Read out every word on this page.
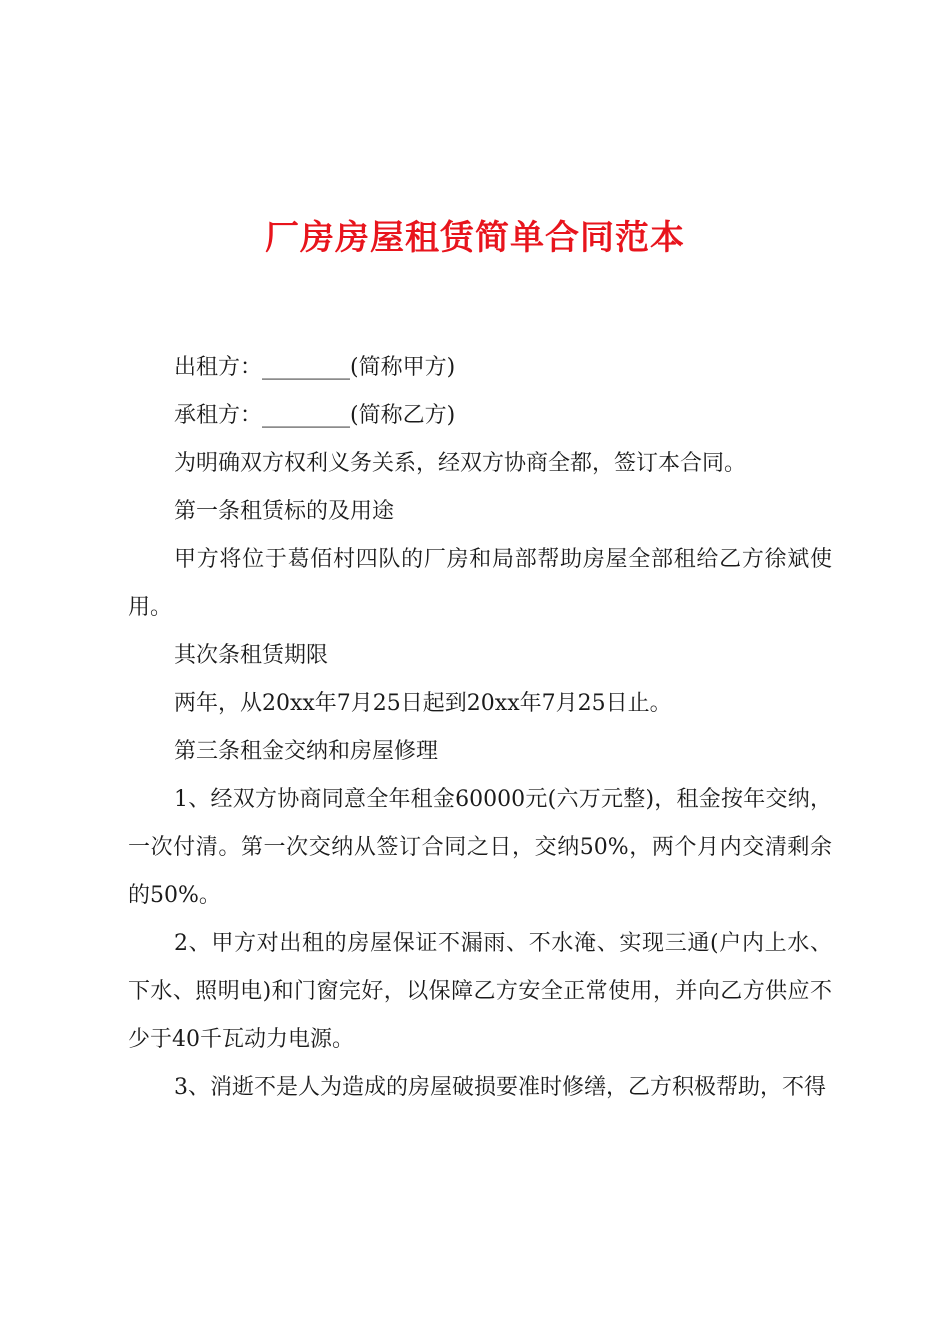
厂房房屋租赁简单合同范本

出租方：________(简称甲方)

承租方：________(简称乙方)

为明确双方权利义务关系，经双方协商全都，签订本合同。

第一条租赁标的及用途

甲方将位于葛佰村四队的厂房和局部帮助房屋全部租给乙方徐斌使用。

其次条租赁期限

两年，从20xx年7月25日起到20xx年7月25日止。

第三条租金交纳和房屋修理

1、经双方协商同意全年租金60000元(六万元整)，租金按年交纳，一次付清。第一次交纳从签订合同之日，交纳50%，两个月内交清剩余的50%。

2、甲方对出租的房屋保证不漏雨、不水淹、实现三通(户内上水、下水、照明电)和门窗完好，以保障乙方安全正常使用，并向乙方供应不少于40千瓦动力电源。

3、消逝不是人为造成的房屋破损要准时修缮，乙方积极帮助，不得
